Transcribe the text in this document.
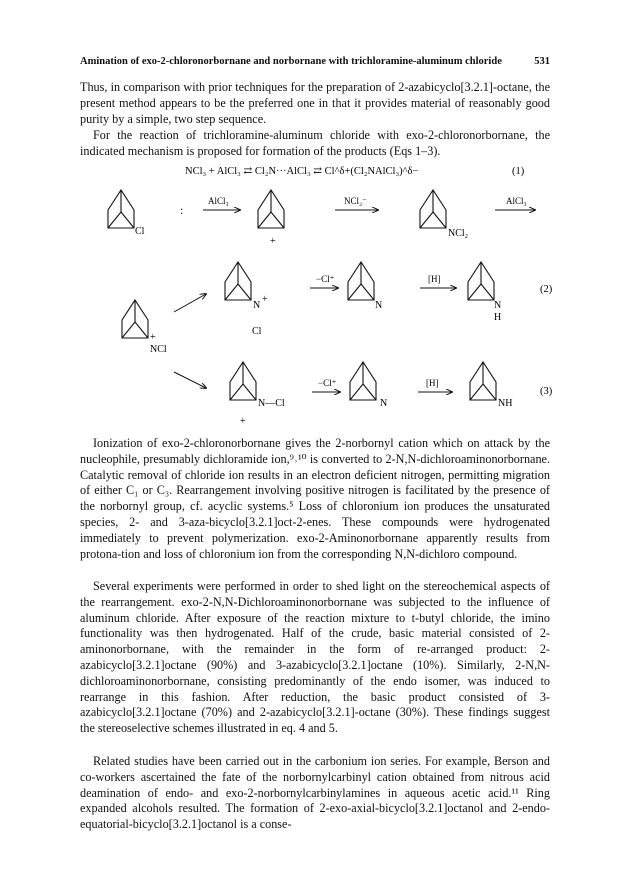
Amination of exo-2-chloronorbornane and norbornane with trichloramine-aluminum chloride	531
Thus, in comparison with prior techniques for the preparation of 2-azabicyclo[3.2.1]-octane, the present method appears to be the preferred one in that it provides material of reasonably good purity by a simple, two step sequence.
For the reaction of trichloramine-aluminum chloride with exo-2-chloronorbornane, the indicated mechanism is proposed for formation of the products (Eqs 1–3).
NCl₃ + AlCl₃ ⇄ Cl₂N···AlCl₃ ⇄ Cl^δ+(Cl₂NAlCl₃)^δ−	(1)
Cl
:
AlCl₃
+
NCl₂⁻
NCl₂
AlCl₃
+
NCl
N
+
Cl
−Cl⁺
N
[H]
N
H
(2)
N—Cl
+
−Cl⁺
N
[H]
NH
(3)
Ionization of exo-2-chloronorbornane gives the 2-norbornyl cation which on attack by the nucleophile, presumably dichloramide ion,⁹˒¹⁰ is converted to 2-N,N-dichloroaminonorbornane. Catalytic removal of chloride ion results in an electron deficient nitrogen, permitting migration of either C₁ or C₃. Rearrangement involving positive nitrogen is facilitated by the presence of the norbornyl group, cf. acyclic systems.⁵ Loss of chloronium ion produces the unsaturated species, 2- and 3-aza-bicyclo[3.2.1]oct-2-enes. These compounds were hydrogenated immediately to prevent polymerization. exo-2-Aminonorbornane apparently results from protona-tion and loss of chloronium ion from the corresponding N,N-dichloro compound.
Several experiments were performed in order to shed light on the stereochemical aspects of the rearrangement. exo-2-N,N-Dichloroaminonorbornane was subjected to the influence of aluminum chloride. After exposure of the reaction mixture to t-butyl chloride, the imino functionality was then hydrogenated. Half of the crude, basic material consisted of 2-aminonorbornane, with the remainder in the form of re-arranged product: 2-azabicyclo[3.2.1]octane (90%) and 3-azabicyclo[3.2.1]octane (10%). Similarly, 2-N,N-dichloroaminonorbornane, consisting predominantly of the endo isomer, was induced to rearrange in this fashion. After reduction, the basic product consisted of 3-azabicyclo[3.2.1]octane (70%) and 2-azabicyclo[3.2.1]-octane (30%). These findings suggest the stereoselective schemes illustrated in eq. 4 and 5.
Related studies have been carried out in the carbonium ion series. For example, Berson and co-workers ascertained the fate of the norbornylcarbinyl cation obtained from nitrous acid deamination of endo- and exo-2-norbornylcarbinylamines in aqueous acetic acid.¹¹ Ring expanded alcohols resulted. The formation of 2-exo-axial-bicyclo[3.2.1]octanol and 2-endo-equatorial-bicyclo[3.2.1]octanol is a conse-
